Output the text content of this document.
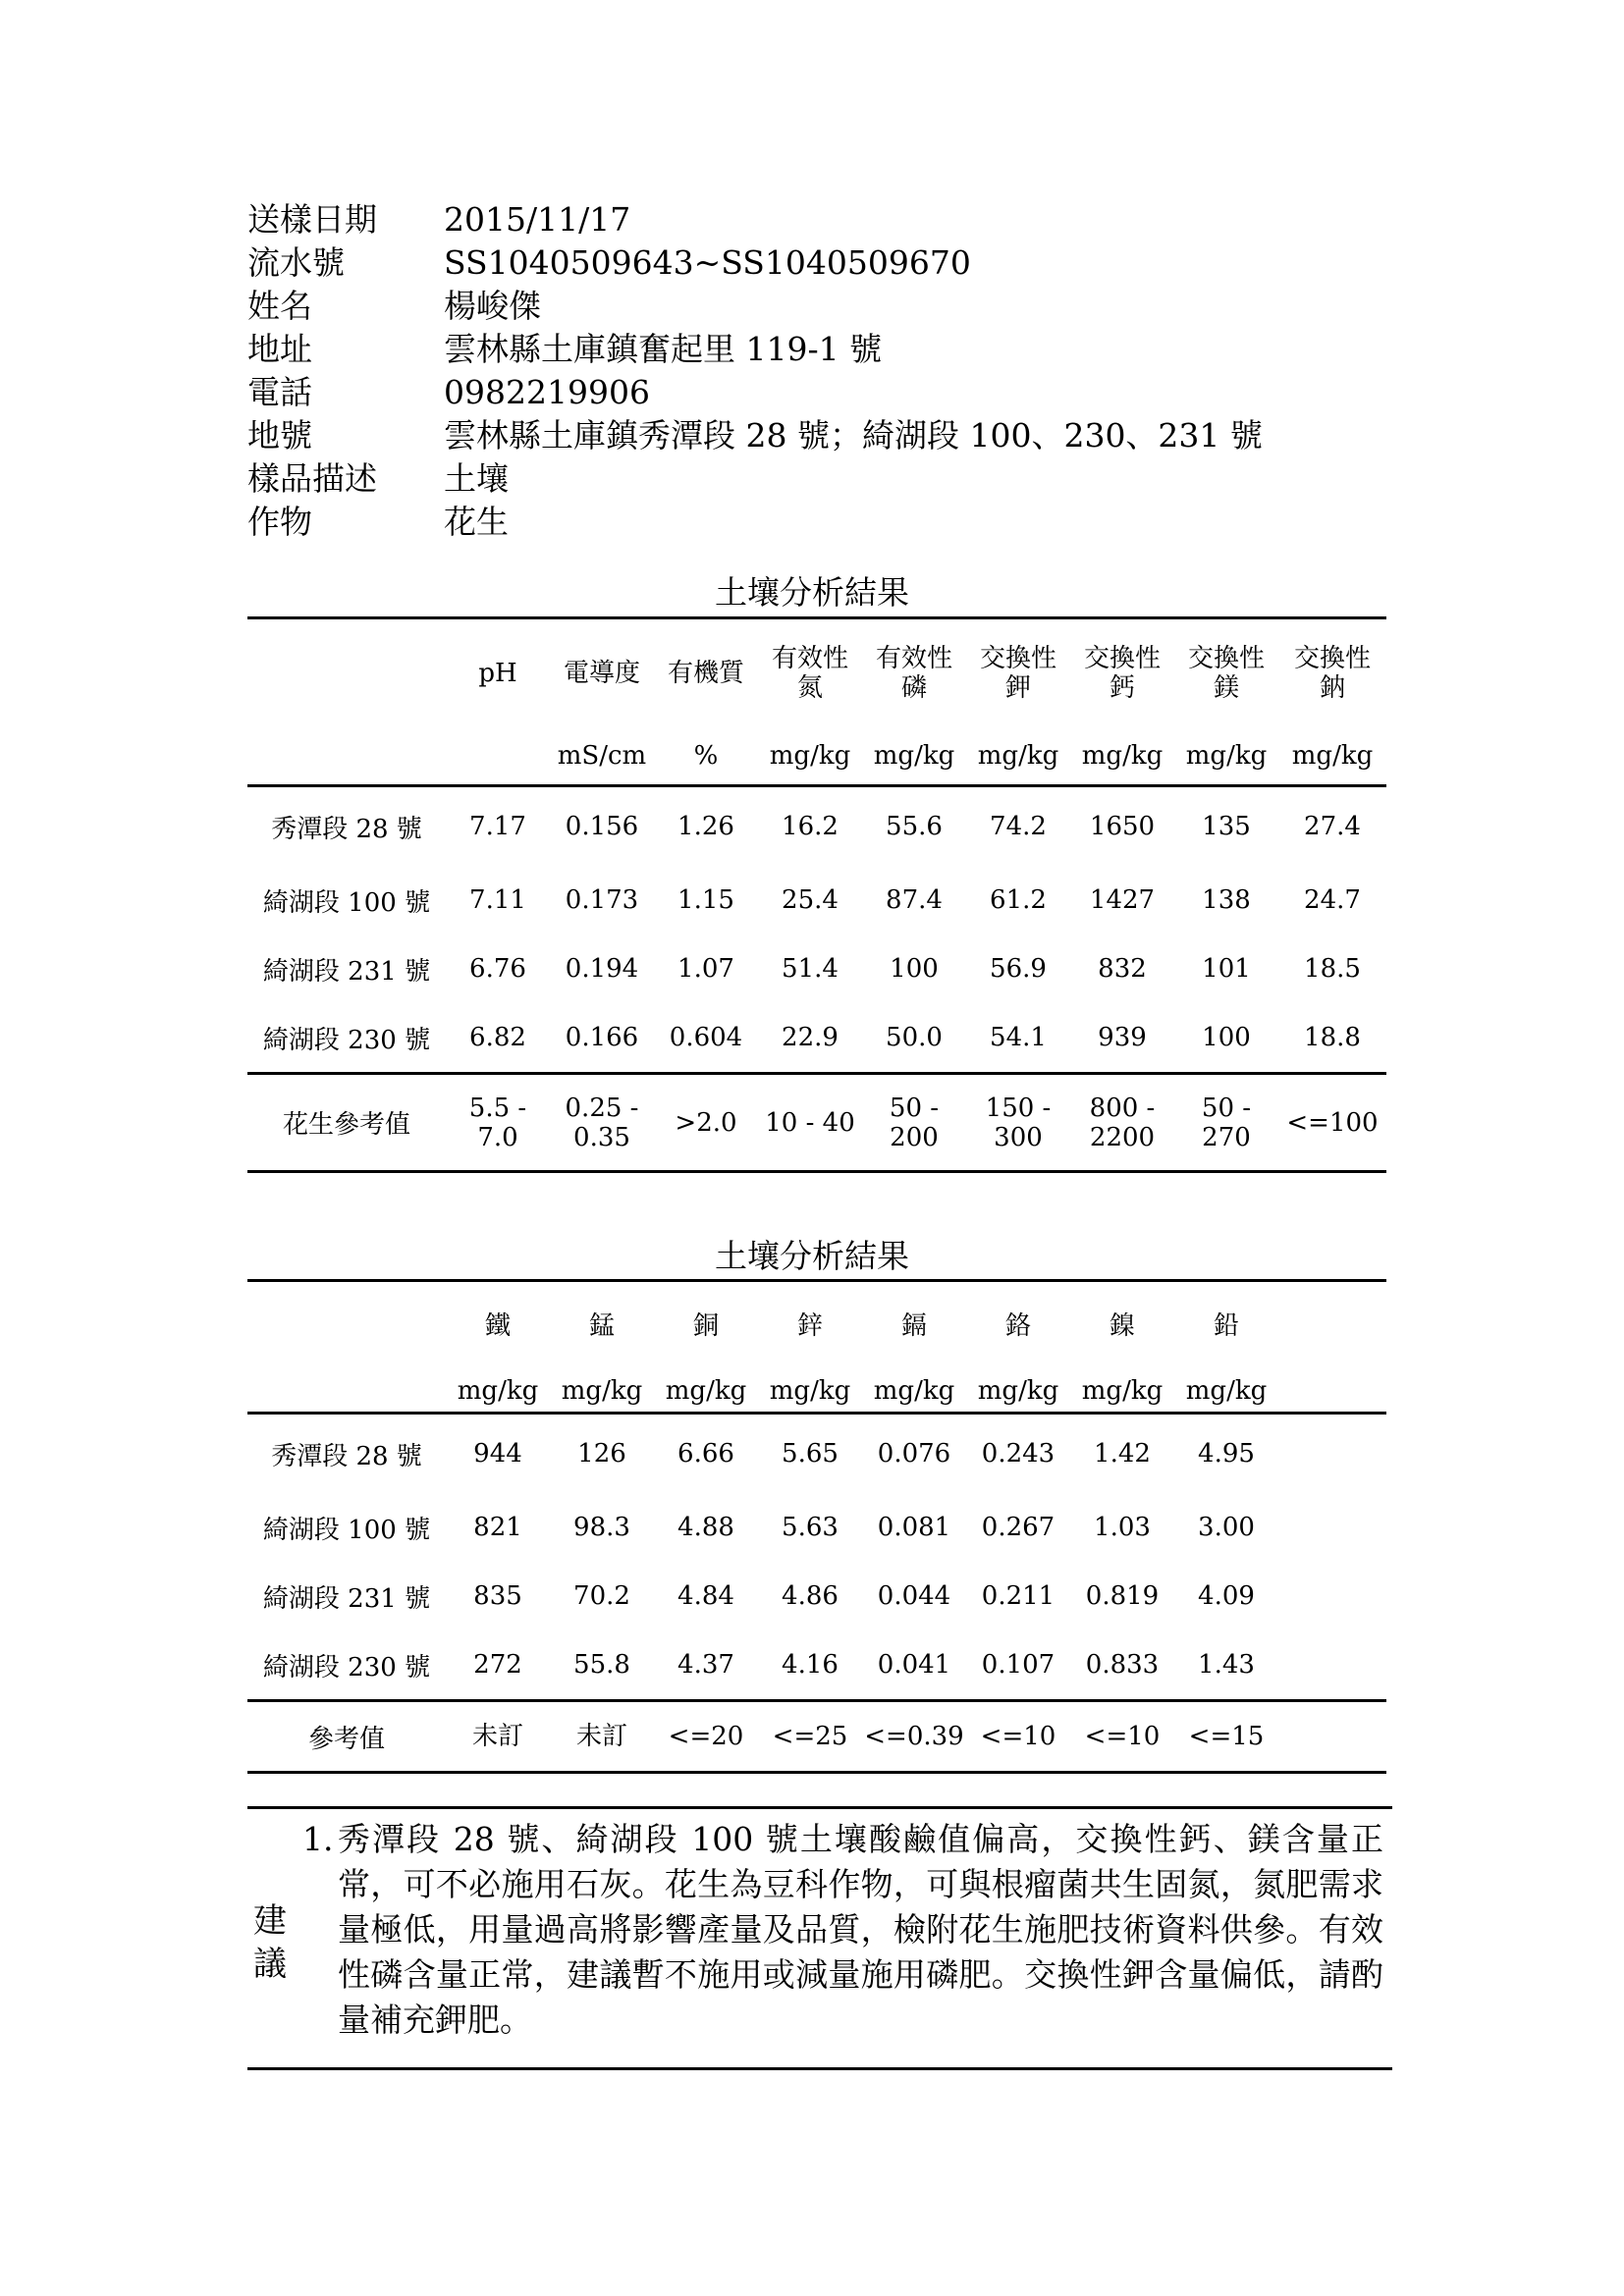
送樣日期	2015/11/17
流水號	SS1040509643~SS1040509670
姓名	楊峻傑
地址	雲林縣土庫鎮奮起里 119-1 號
電話	0982219906
地號	雲林縣土庫鎮秀潭段 28 號；綺湖段 100、230、231 號
樣品描述	土壤
作物	花生
土壤分析結果
	pH	電導度	有機質	有效性 氮	有效性 磷	交換性 鉀	交換性 鈣	交換性 鎂	交換性 鈉
		mS/cm	%	mg/kg	mg/kg	mg/kg	mg/kg	mg/kg	mg/kg
秀潭段 28 號	7.17	0.156	1.26	16.2	55.6	74.2	1650	135	27.4
綺湖段 100 號	7.11	0.173	1.15	25.4	87.4	61.2	1427	138	24.7
綺湖段 231 號	6.76	0.194	1.07	51.4	100	56.9	832	101	18.5
綺湖段 230 號	6.82	0.166	0.604	22.9	50.0	54.1	939	100	18.8
花生參考值	5.5 - 7.0	0.25 - 0.35	>2.0	10 - 40	50 - 200	150 - 300	800 - 2200	50 - 270	<=100
土壤分析結果
	鐵	錳	銅	鋅	鎘	鉻	鎳	鉛	
	mg/kg	mg/kg	mg/kg	mg/kg	mg/kg	mg/kg	mg/kg	mg/kg	
秀潭段 28 號	944	126	6.66	5.65	0.076	0.243	1.42	4.95	
綺湖段 100 號	821	98.3	4.88	5.63	0.081	0.267	1.03	3.00	
綺湖段 231 號	835	70.2	4.84	4.86	0.044	0.211	0.819	4.09	
綺湖段 230 號	272	55.8	4.37	4.16	0.041	0.107	0.833	1.43	
參考值	未訂	未訂	<=20	<=25	<=0.39	<=10	<=10	<=15	
建議
1. 秀潭段 28 號、綺湖段 100 號土壤酸鹼值偏高，交換性鈣、鎂含量正常，可不必施用石灰。花生為豆科作物，可與根瘤菌共生固氮，氮肥需求量極低，用量過高將影響產量及品質，檢附花生施肥技術資料供參。有效性磷含量正常，建議暫不施用或減量施用磷肥。交換性鉀含量偏低，請酌量補充鉀肥。
